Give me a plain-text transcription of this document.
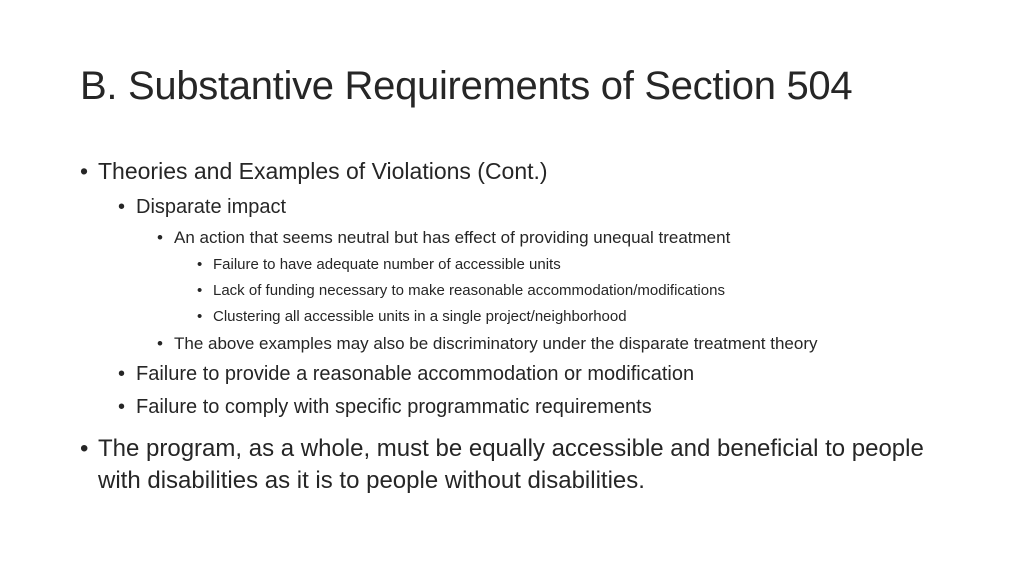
B. Substantive Requirements of Section 504
• Theories and Examples of Violations (Cont.)
• Disparate impact
• An action that seems neutral but has effect of providing unequal treatment
• Failure to have adequate number of accessible units
• Lack of funding necessary to make reasonable accommodation/modifications
• Clustering all accessible units in a single project/neighborhood
• The above examples may also be discriminatory under the disparate treatment theory
• Failure to provide a reasonable accommodation or modification
• Failure to comply with specific programmatic requirements
• The program, as a whole, must be equally accessible and beneficial to people with disabilities as it is to people without disabilities.
